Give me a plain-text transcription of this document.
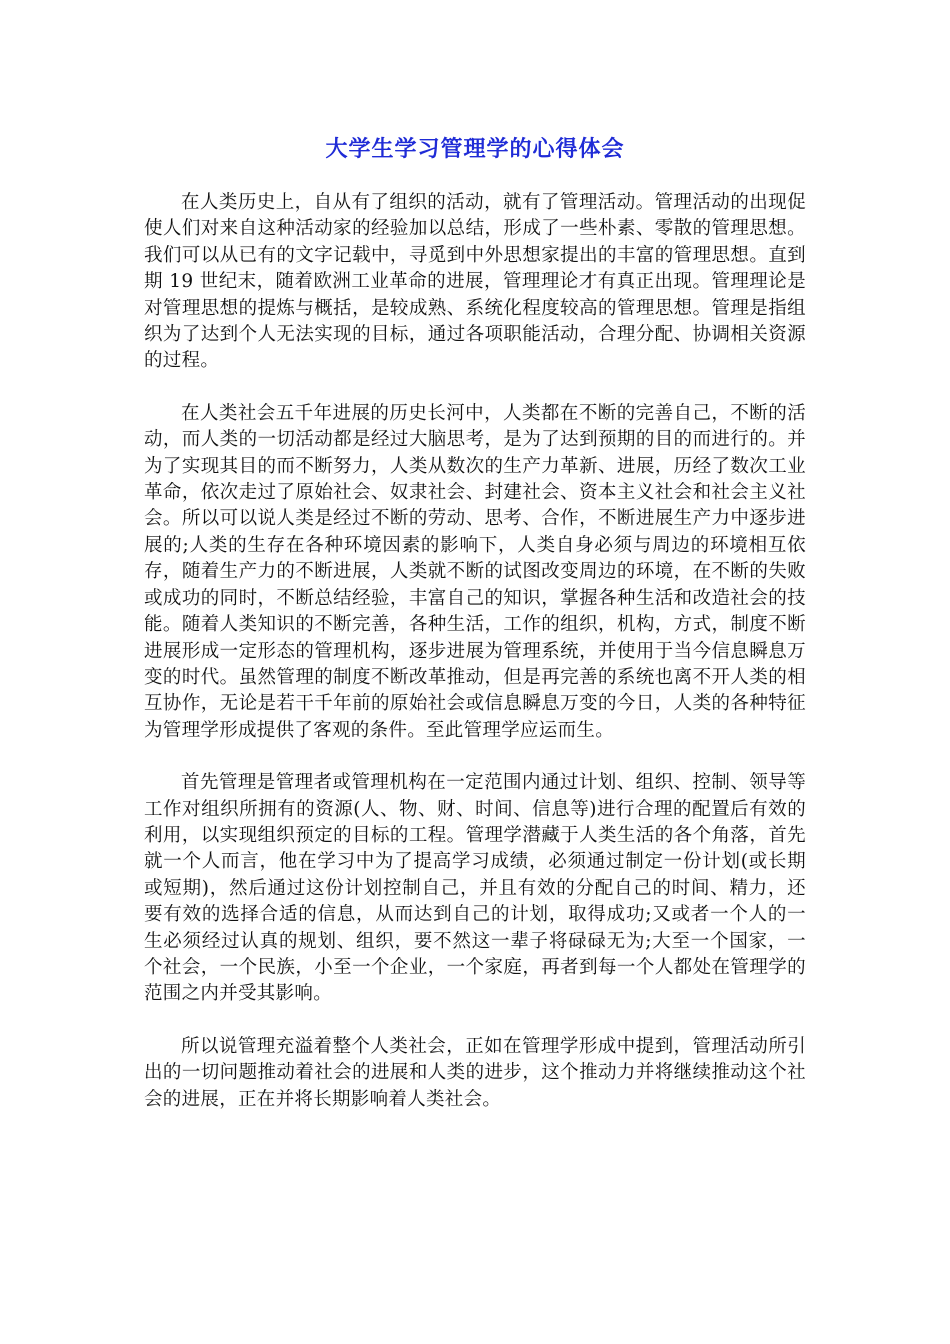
大学生学习管理学的心得体会

在人类历史上，自从有了组织的活动，就有了管理活动。管理活动的出现促使人们对来自这种活动家的经验加以总结，形成了一些朴素、零散的管理思想。我们可以从已有的文字记载中，寻觅到中外思想家提出的丰富的管理思想。直到期 19 世纪末，随着欧洲工业革命的进展，管理理论才有真正出现。管理理论是对管理思想的提炼与概括，是较成熟、系统化程度较高的管理思想。管理是指组织为了达到个人无法实现的目标，通过各项职能活动，合理分配、协调相关资源的过程。

在人类社会五千年进展的历史长河中，人类都在不断的完善自己，不断的活动，而人类的一切活动都是经过大脑思考，是为了达到预期的目的而进行的。并为了实现其目的而不断努力，人类从数次的生产力革新、进展，历经了数次工业革命，依次走过了原始社会、奴隶社会、封建社会、资本主义社会和社会主义社会。所以可以说人类是经过不断的劳动、思考、合作，不断进展生产力中逐步进展的;人类的生存在各种环境因素的影响下，人类自身必须与周边的环境相互依存，随着生产力的不断进展，人类就不断的试图改变周边的环境，在不断的失败或成功的同时，不断总结经验，丰富自己的知识，掌握各种生活和改造社会的技能。随着人类知识的不断完善，各种生活，工作的组织，机构，方式，制度不断进展形成一定形态的管理机构，逐步进展为管理系统，并使用于当今信息瞬息万变的时代。虽然管理的制度不断改革推动，但是再完善的系统也离不开人类的相互协作，无论是若干千年前的原始社会或信息瞬息万变的今日，人类的各种特征为管理学形成提供了客观的条件。至此管理学应运而生。

首先管理是管理者或管理机构在一定范围内通过计划、组织、控制、领导等工作对组织所拥有的资源(人、物、财、时间、信息等)进行合理的配置后有效的利用，以实现组织预定的目标的工程。管理学潜藏于人类生活的各个角落，首先就一个人而言，他在学习中为了提高学习成绩，必须通过制定一份计划(或长期或短期)，然后通过这份计划控制自己，并且有效的分配自己的时间、精力，还要有效的选择合适的信息，从而达到自己的计划，取得成功;又或者一个人的一生必须经过认真的规划、组织，要不然这一辈子将碌碌无为;大至一个国家，一个社会，一个民族，小至一个企业，一个家庭，再者到每一个人都处在管理学的范围之内并受其影响。

所以说管理充溢着整个人类社会，正如在管理学形成中提到，管理活动所引出的一切问题推动着社会的进展和人类的进步，这个推动力并将继续推动这个社会的进展，正在并将长期影响着人类社会。
